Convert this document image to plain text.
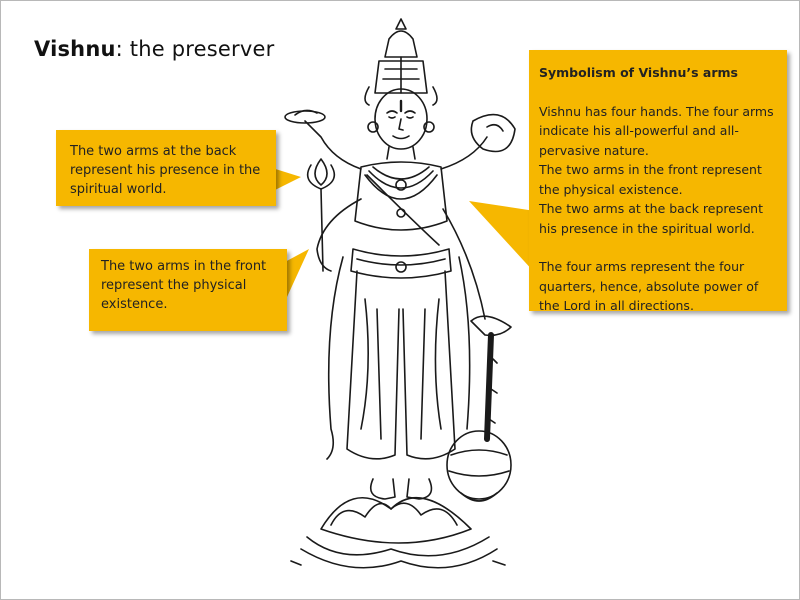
Vishnu: the preserver
The two arms at the back represent his presence in the spiritual world.
The two arms in the front represent the physical existence.
Symbolism of Vishnu’s arms
Vishnu has four hands. The four arms indicate his all-powerful and all-pervasive nature.
The two arms in the front represent the physical existence.
The two arms at the back represent his presence in the spiritual world.
The four arms represent the four quarters, hence, absolute power of the Lord in all directions.
